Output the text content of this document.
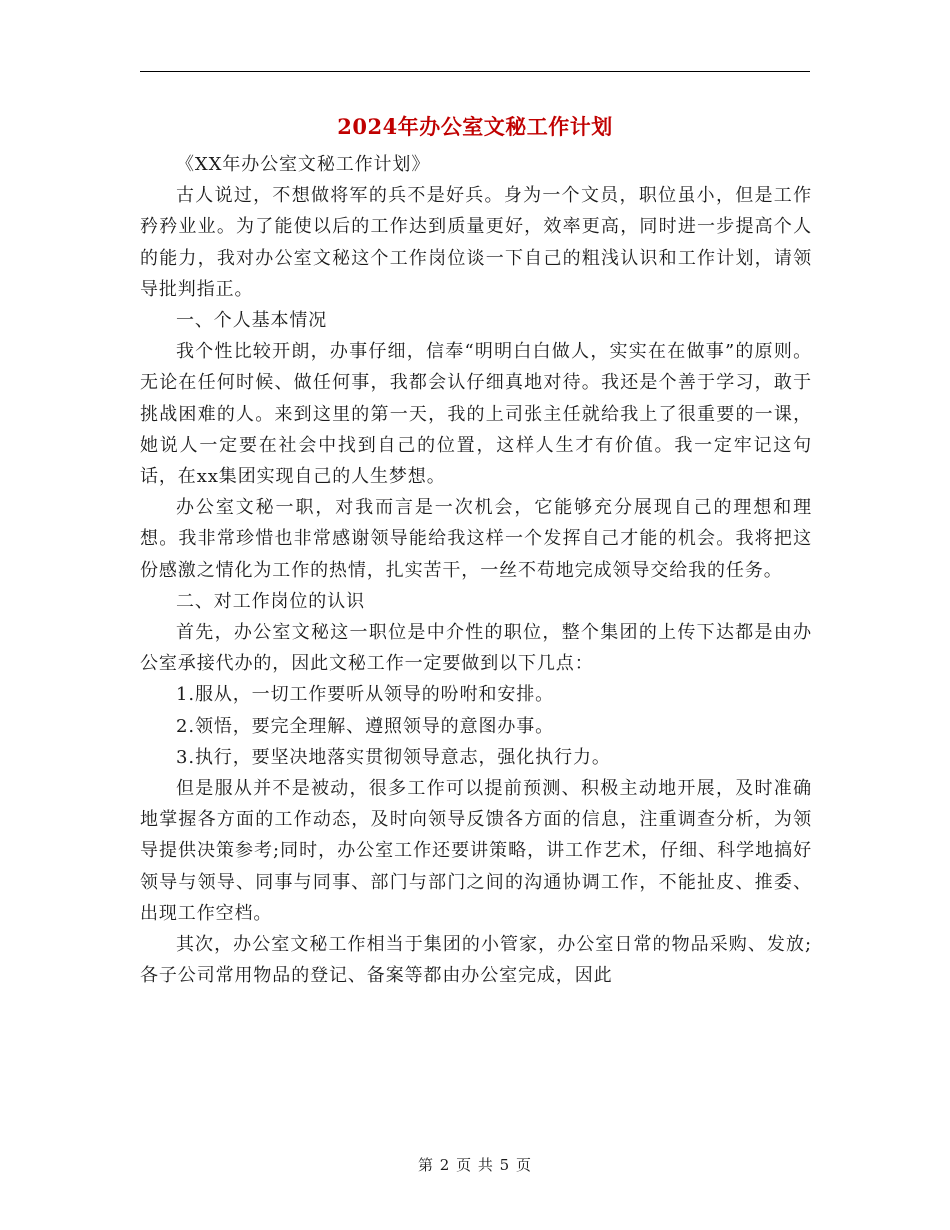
2024年办公室文秘工作计划

《XX年办公室文秘工作计划》

古人说过，不想做将军的兵不是好兵。身为一个文员，职位虽小，但是工作矜矜业业。为了能使以后的工作达到质量更好，效率更高，同时进一步提高个人的能力，我对办公室文秘这个工作岗位谈一下自己的粗浅认识和工作计划，请领导批判指正。

一、个人基本情况

我个性比较开朗，办事仔细，信奉“明明白白做人，实实在在做事”的原则。无论在任何时候、做任何事，我都会认仔细真地对待。我还是个善于学习，敢于挑战困难的人。来到这里的第一天，我的上司张主任就给我上了很重要的一课，她说人一定要在社会中找到自己的位置，这样人生才有价值。我一定牢记这句话，在xx集团实现自己的人生梦想。

办公室文秘一职，对我而言是一次机会，它能够充分展现自己的理想和理想。我非常珍惜也非常感谢领导能给我这样一个发挥自己才能的机会。我将把这份感激之情化为工作的热情，扎实苦干，一丝不苟地完成领导交给我的任务。

二、对工作岗位的认识

首先，办公室文秘这一职位是中介性的职位，整个集团的上传下达都是由办公室承接代办的，因此文秘工作一定要做到以下几点：

1.服从，一切工作要听从领导的吩咐和安排。

2.领悟，要完全理解、遵照领导的意图办事。

3.执行，要坚决地落实贯彻领导意志，强化执行力。

但是服从并不是被动，很多工作可以提前预测、积极主动地开展，及时准确地掌握各方面的工作动态，及时向领导反馈各方面的信息，注重调查分析，为领导提供决策参考;同时，办公室工作还要讲策略，讲工作艺术，仔细、科学地搞好领导与领导、同事与同事、部门与部门之间的沟通协调工作，不能扯皮、推委、出现工作空档。

其次，办公室文秘工作相当于集团的小管家，办公室日常的物品采购、发放;各子公司常用物品的登记、备案等都由办公室完成，因此

第 2 页 共 5 页
